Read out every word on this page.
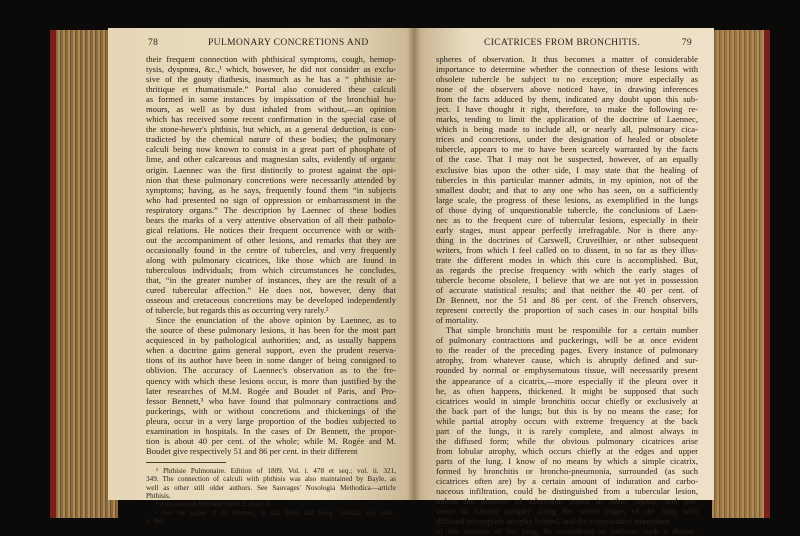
78	PULMONARY CONCRETIONS AND
their frequent connection with phthisical symptoms, cough, hemop-
tysis, dyspnœa, &c.,¹ which, however, he did not consider as exclu-
sive of the gouty diathesis, inasmuch as he has a “ phthisie ar-
thritique et rhumatismale.” Portal also considered these calculi
as formed in some instances by inspissation of the bronchial hu-
mours, as well as by dust inhaled from without,—an opinion
which has received some recent confirmation in the special case of
the stone-hewer's phthisis, but which, as a general deduction, is con-
tradicted by the chemical nature of these bodies; the pulmonary
calculi being now known to consist in a great part of phosphate of
lime, and other calcareous and magnesian salts, evidently of organic
origin. Laennec was the first distinctly to protest against the opi-
nion that these pulmonary concretions were necessarily attended by
symptoms; having, as he says, frequently found them “in subjects
who had presented no sign of oppression or embarrassment in the
respiratory organs.” The description by Laennec of these bodies
bears the marks of a very attentive observation of all their patholo-
gical relations. He notices their frequent occurrence with or with-
out the accompaniment of other lesions, and remarks that they are
occasionally found in the centre of tubercles, and very frequently
along with pulmonary cicatrices, like those which are found in
tuberculous individuals; from which circumstances he concludes,
that, “in the greater number of instances, they are the result of a
cured tubercular affection.” He does not, however, deny that
osseous and cretaceous concretions may be developed independently
of tubercle, but regards this as occurring very rarely.²
Since the enunciation of the above opinion by Laennec, as to
the source of these pulmonary lesions, it has been for the most part
acquiesced in by pathological authorities; and, as usually happens
when a doctrine gains general support, even the prudent reserva-
tions of its author have been in some danger of being consigned to
oblivion. The accuracy of Laennec's observation as to the fre-
quency with which these lesions occur, is more than justified by the
later researches of M.M. Rogée and Boudet of Paris, and Pro-
fessor Bennett,³ who have found that pulmonary contractions and
puckerings, with or without concretions and thickenings of the
pleura, occur in a very large proportion of the bodies subjected to
examination in hospitals. In the cases of Dr Bennett, the propor-
tion is about 40 per cent. of the whole; while M. Rogée and M.
Boudet give respectively 51 and 86 per cent. in their different
¹ Phthisie Pulmonaire. Edition of 1809. Vol. i. 478 et seq.; vol. ii. 321,
349. The connection of calculi with phthisis was also maintained by Bayle, as
well as other still older authors. See Sauvages' Nosologia Methodica—article
Phthisis.
² Auscultation Mediate; tome 2, chap. 4.
³ See the paper of Dr Bennett, in Ed. Med. and Surg. Journal, vol. lxiii.,
p. 466.
CICATRICES FROM BRONCHITIS.	79
spheres of observation. It thus becomes a matter of considerable
importance to determine whether the connection of these lesions with
obsolete tubercle be subject to no exception; more especially as
none of the observers above noticed have, in drawing inferences
from the facts adduced by them, indicated any doubt upon this sub-
ject. I have thought it right, therefore, to make the following re-
marks, tending to limit the application of the doctrine of Laennec,
which is being made to include all, or nearly all, pulmonary cica-
trices and concretions, under the designation of healed or obsolete
tubercle, appears to me to have been scarcely warranted by the facts
of the case. That I may not be suspected, however, of an equally
exclusive bias upon the other side, I may state that the healing of
tubercles in this particular manner admits, in my opinion, not of the
smallest doubt; and that to any one who has seen, on a sufficiently
large scale, the progress of these lesions, as exemplified in the lungs
of those dying of unquestionable tubercle, the conclusions of Laen-
nec as to the frequent cure of tubercular lesions, especially in their
early stages, must appear perfectly irrefragable. Nor is there any-
thing in the doctrines of Carswell, Cruveilhier, or other subsequent
writers, from which I feel called on to dissent, in so far as they illus-
trate the different modes in which this cure is accomplished. But,
as regards the precise frequency with which the early stages of
tubercle become obsolete, I believe that we are not yet in possession
of accurate statistical results; and that neither the 40 per cent. of
Dr Bennett, nor the 51 and 86 per cent. of the French observers,
represent correctly the proportion of such cases in our hospital bills
of mortality.
That simple bronchitis must be responsible for a certain number
of pulmonary contractions and puckerings, will be at once evident
to the reader of the preceding pages. Every instance of pulmonary
atrophy, from whatever cause, which is abruptly defined and sur-
rounded by normal or emphysematous tissue, will necessarily present
the appearance of a cicatrix,—more especially if the pleura over it
be, as often happens, thickened. It might be supposed that such
cicatrices would in simple bronchitis occur chiefly or exclusively at
the back part of the lungs; but this is by no means the case; for
while partial atrophy occurs with extreme frequency at the back
part of the lungs, it is rarely complete, and almost always in
the diffused form; while the obvious pulmonary cicatrices arise
from lobular atrophy, which occurs chiefly at the edges and upper
parts of the lung. I know of no means by which a simple cicatrix,
formed by bronchitis or broncho-pneumonia, surrounded (as such
cicatrices often are) by a certain amount of induration and carbo-
naceous infiltration, could be distinguished from a tubercular lesion,
unless the absence of tubercular traces in other organs, and pre-
sence of lobular atrophy along the whole edges of the lung with
diffused incomplete atrophy behind, and the comparative exemption
of the summit of the lung, be considered to indicate such a distinc-
